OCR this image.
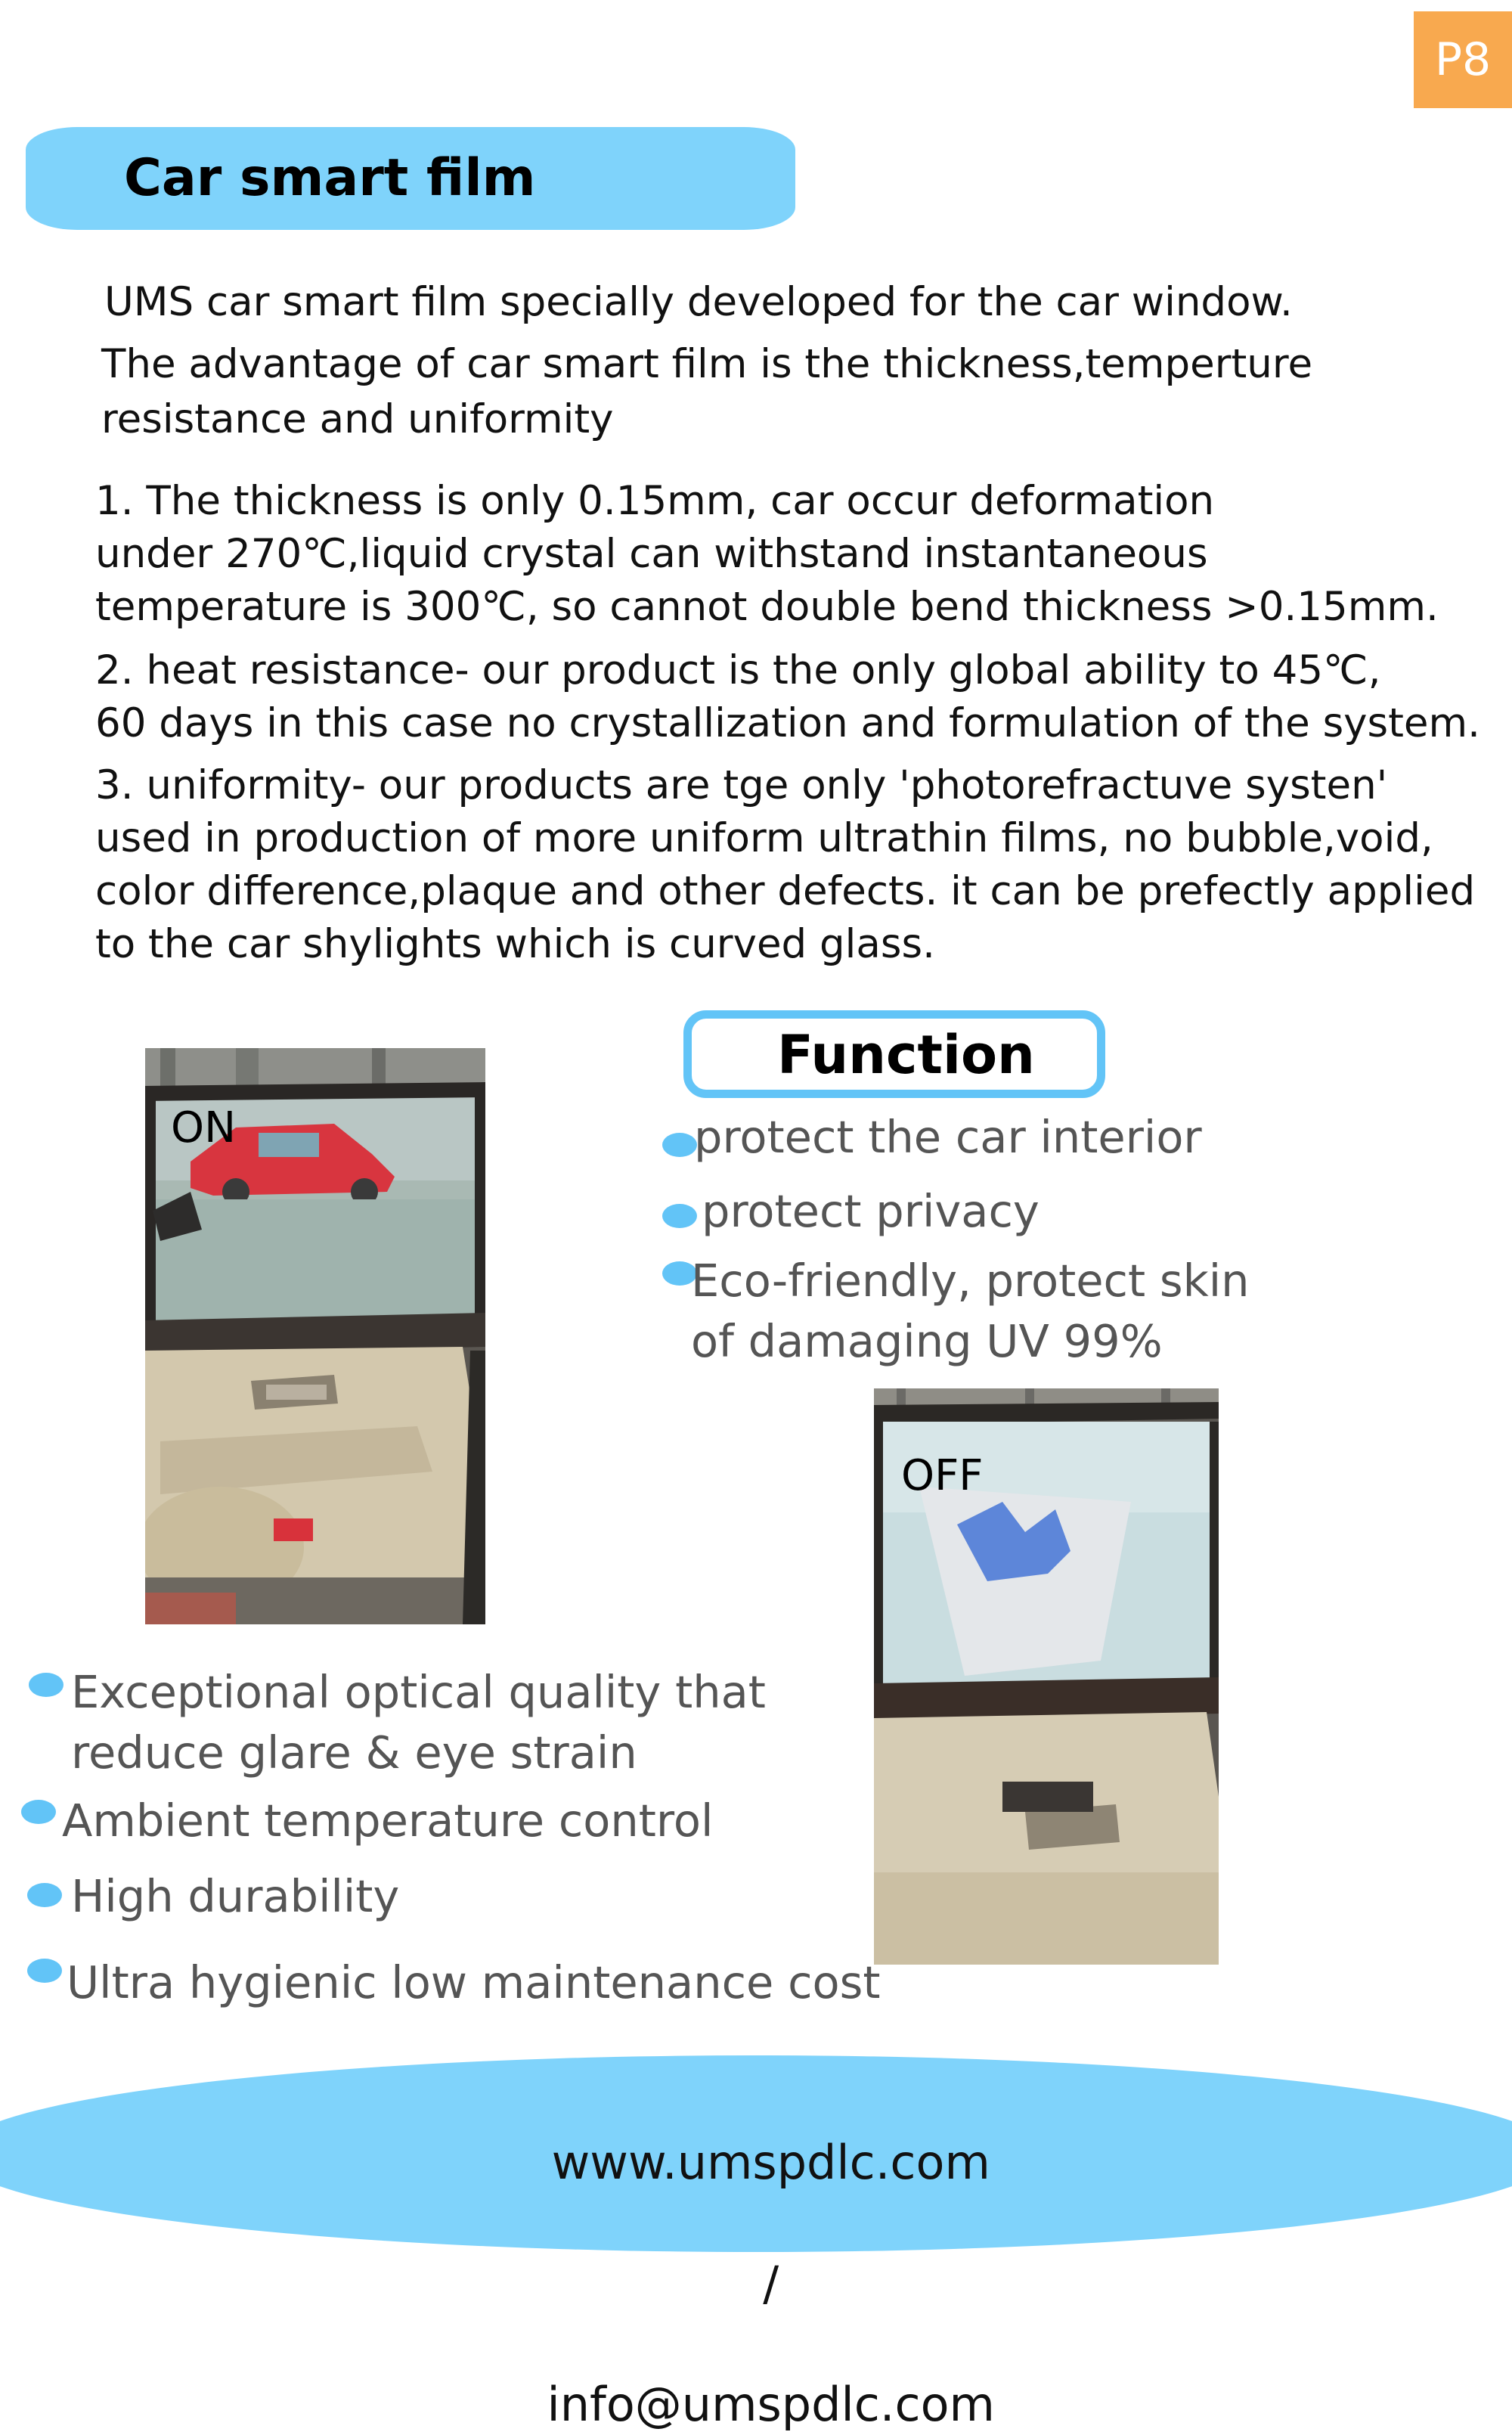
P8
Car smart film
UMS car smart film specially developed for the car window.
The advantage of car smart film is the thickness,temperture
resistance and uniformity
1. The thickness is only 0.15mm, car occur deformation
under 270℃,liquid crystal can withstand instantaneous
temperature is 300℃, so cannot double bend thickness >0.15mm.
2. heat resistance- our product is the only global ability to 45℃,
60 days in this case no crystallization and formulation of the system.
3. uniformity- our products are tge only 'photorefractuve systen'
used in production of more uniform ultrathin films, no bubble,void,
color difference,plaque and other defects. it can be prefectly applied
to the car shylights which is curved glass.
ON
Function
protect the car interior
protect privacy
Eco-friendly, protect skin
of damaging UV 99%
OFF
Exceptional optical quality that
reduce glare & eye strain
Ambient temperature control
High durability
Ultra hygienic low maintenance cost

www.umspdlc.com

/

info@umspdlc.com
